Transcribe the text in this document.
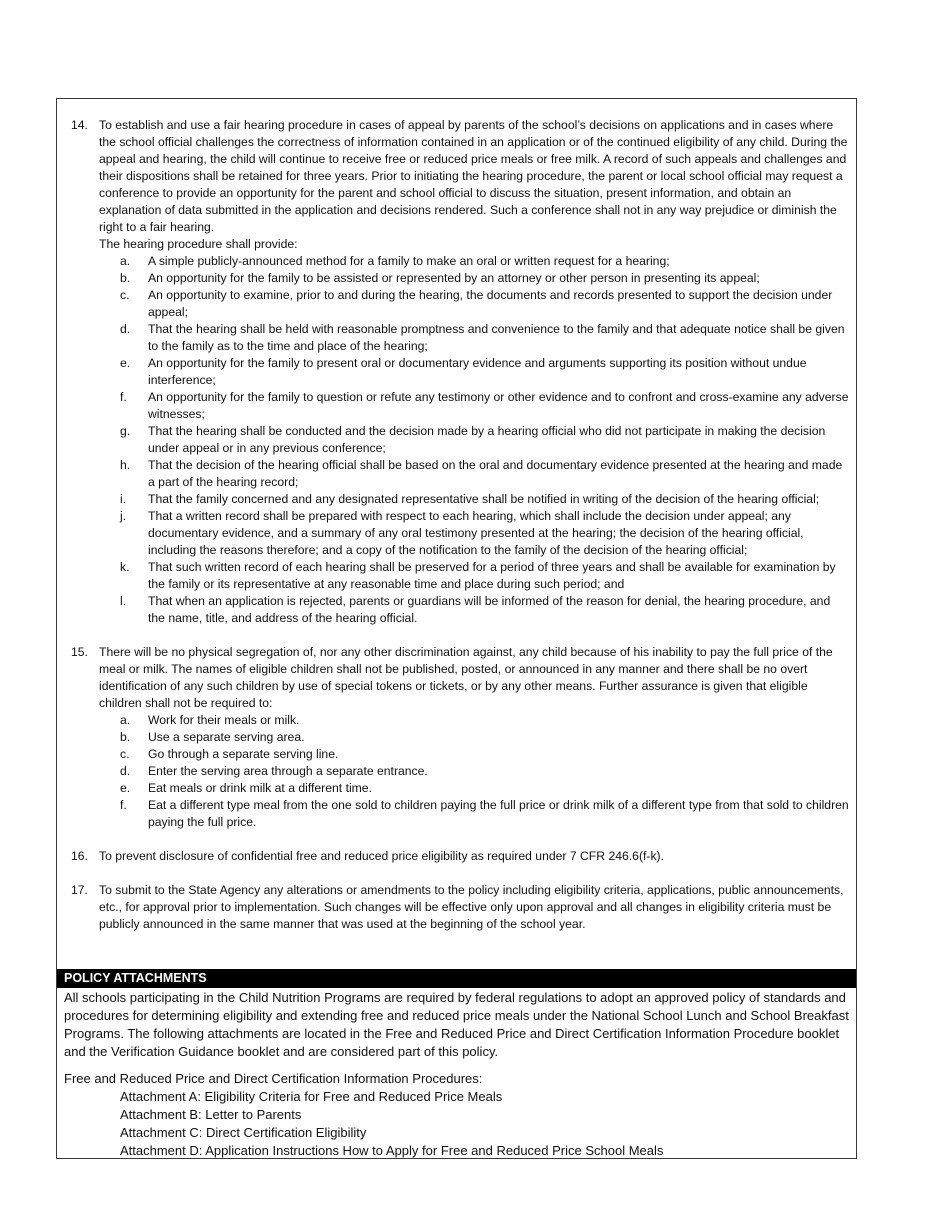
14. To establish and use a fair hearing procedure in cases of appeal by parents of the school’s decisions on applications and in cases where the school official challenges the correctness of information contained in an application or of the continued eligibility of any child. During the appeal and hearing, the child will continue to receive free or reduced price meals or free milk. A record of such appeals and challenges and their dispositions shall be retained for three years. Prior to initiating the hearing procedure, the parent or local school official may request a conference to provide an opportunity for the parent and school official to discuss the situation, present information, and obtain an explanation of data submitted in the application and decisions rendered. Such a conference shall not in any way prejudice or diminish the right to a fair hearing.
The hearing procedure shall provide:
a. A simple publicly-announced method for a family to make an oral or written request for a hearing;
b. An opportunity for the family to be assisted or represented by an attorney or other person in presenting its appeal;
c. An opportunity to examine, prior to and during the hearing, the documents and records presented to support the decision under appeal;
d. That the hearing shall be held with reasonable promptness and convenience to the family and that adequate notice shall be given to the family as to the time and place of the hearing;
e. An opportunity for the family to present oral or documentary evidence and arguments supporting its position without undue interference;
f. An opportunity for the family to question or refute any testimony or other evidence and to confront and cross-examine any adverse witnesses;
g. That the hearing shall be conducted and the decision made by a hearing official who did not participate in making the decision under appeal or in any previous conference;
h. That the decision of the hearing official shall be based on the oral and documentary evidence presented at the hearing and made a part of the hearing record;
i. That the family concerned and any designated representative shall be notified in writing of the decision of the hearing official;
j. That a written record shall be prepared with respect to each hearing, which shall include the decision under appeal; any documentary evidence, and a summary of any oral testimony presented at the hearing; the decision of the hearing official, including the reasons therefore; and a copy of the notification to the family of the decision of the hearing official;
k. That such written record of each hearing shall be preserved for a period of three years and shall be available for examination by the family or its representative at any reasonable time and place during such period; and
l. That when an application is rejected, parents or guardians will be informed of the reason for denial, the hearing procedure, and the name, title, and address of the hearing official.
15. There will be no physical segregation of, nor any other discrimination against, any child because of his inability to pay the full price of the meal or milk. The names of eligible children shall not be published, posted, or announced in any manner and there shall be no overt identification of any such children by use of special tokens or tickets, or by any other means. Further assurance is given that eligible children shall not be required to:
a. Work for their meals or milk.
b. Use a separate serving area.
c. Go through a separate serving line.
d. Enter the serving area through a separate entrance.
e. Eat meals or drink milk at a different time.
f. Eat a different type meal from the one sold to children paying the full price or drink milk of a different type from that sold to children paying the full price.
16. To prevent disclosure of confidential free and reduced price eligibility as required under 7 CFR 246.6(f-k).
17. To submit to the State Agency any alterations or amendments to the policy including eligibility criteria, applications, public announcements, etc., for approval prior to implementation. Such changes will be effective only upon approval and all changes in eligibility criteria must be publicly announced in the same manner that was used at the beginning of the school year.
POLICY ATTACHMENTS

All schools participating in the Child Nutrition Programs are required by federal regulations to adopt an approved policy of standards and procedures for determining eligibility and extending free and reduced price meals under the National School Lunch and School Breakfast Programs. The following attachments are located in the Free and Reduced Price and Direct Certification Information Procedure booklet and the Verification Guidance booklet and are considered part of this policy.

Free and Reduced Price and Direct Certification Information Procedures:

Attachment A: Eligibility Criteria for Free and Reduced Price Meals
Attachment B: Letter to Parents
Attachment C: Direct Certification Eligibility
Attachment D: Application Instructions How to Apply for Free and Reduced Price School Meals
